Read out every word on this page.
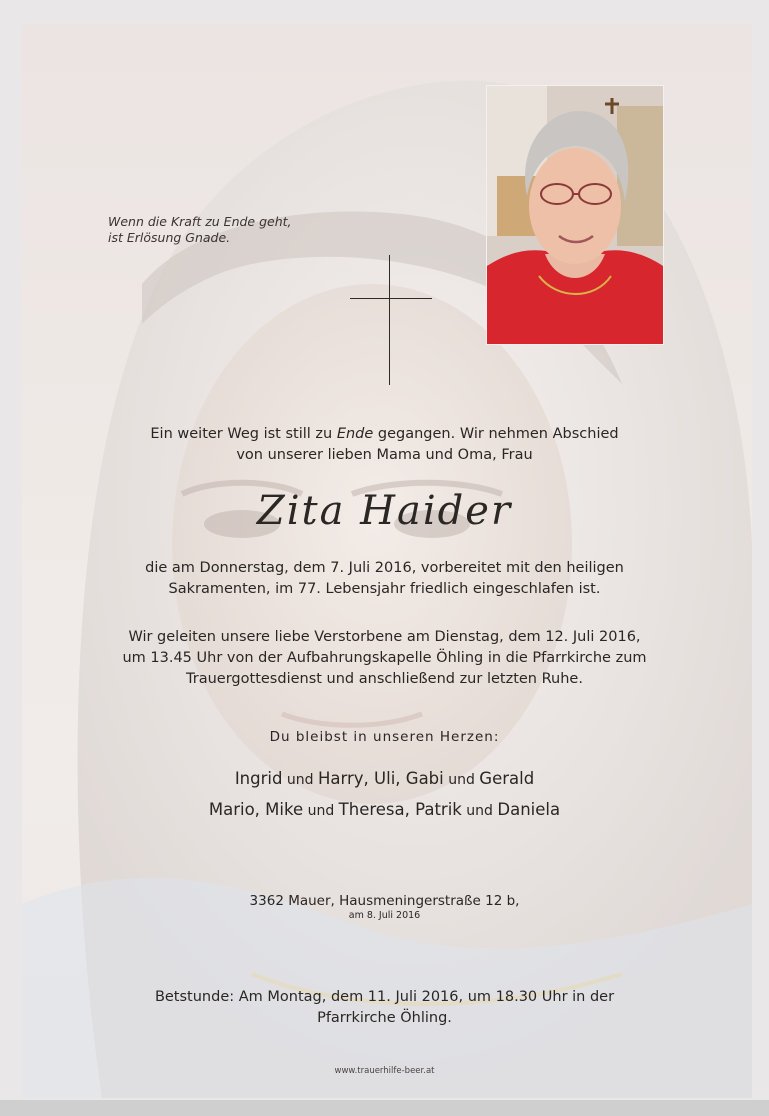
Wenn die Kraft zu Ende geht,
ist Erlösung Gnade.
Ein weiter Weg ist still zu Ende gegangen. Wir nehmen Abschied
von unserer lieben Mama und Oma, Frau
Zita Haider
die am Donnerstag, dem 7. Juli 2016, vorbereitet mit den heiligen
Sakramenten, im 77. Lebensjahr friedlich eingeschlafen ist.
Wir geleiten unsere liebe Verstorbene am Dienstag, dem 12. Juli 2016,
um 13.45 Uhr von der Aufbahrungskapelle Öhling in die Pfarrkirche zum
Trauergottesdienst und anschließend zur letzten Ruhe.
Du bleibst in unseren Herzen:
Ingrid und Harry, Uli, Gabi und Gerald
Mario, Mike und Theresa, Patrik und Daniela
3362 Mauer, Hausmeningerstraße 12 b,
am 8. Juli 2016
Betstunde: Am Montag, dem 11. Juli 2016, um 18.30 Uhr in der
Pfarrkirche Öhling.
www.trauerhilfe-beer.at
